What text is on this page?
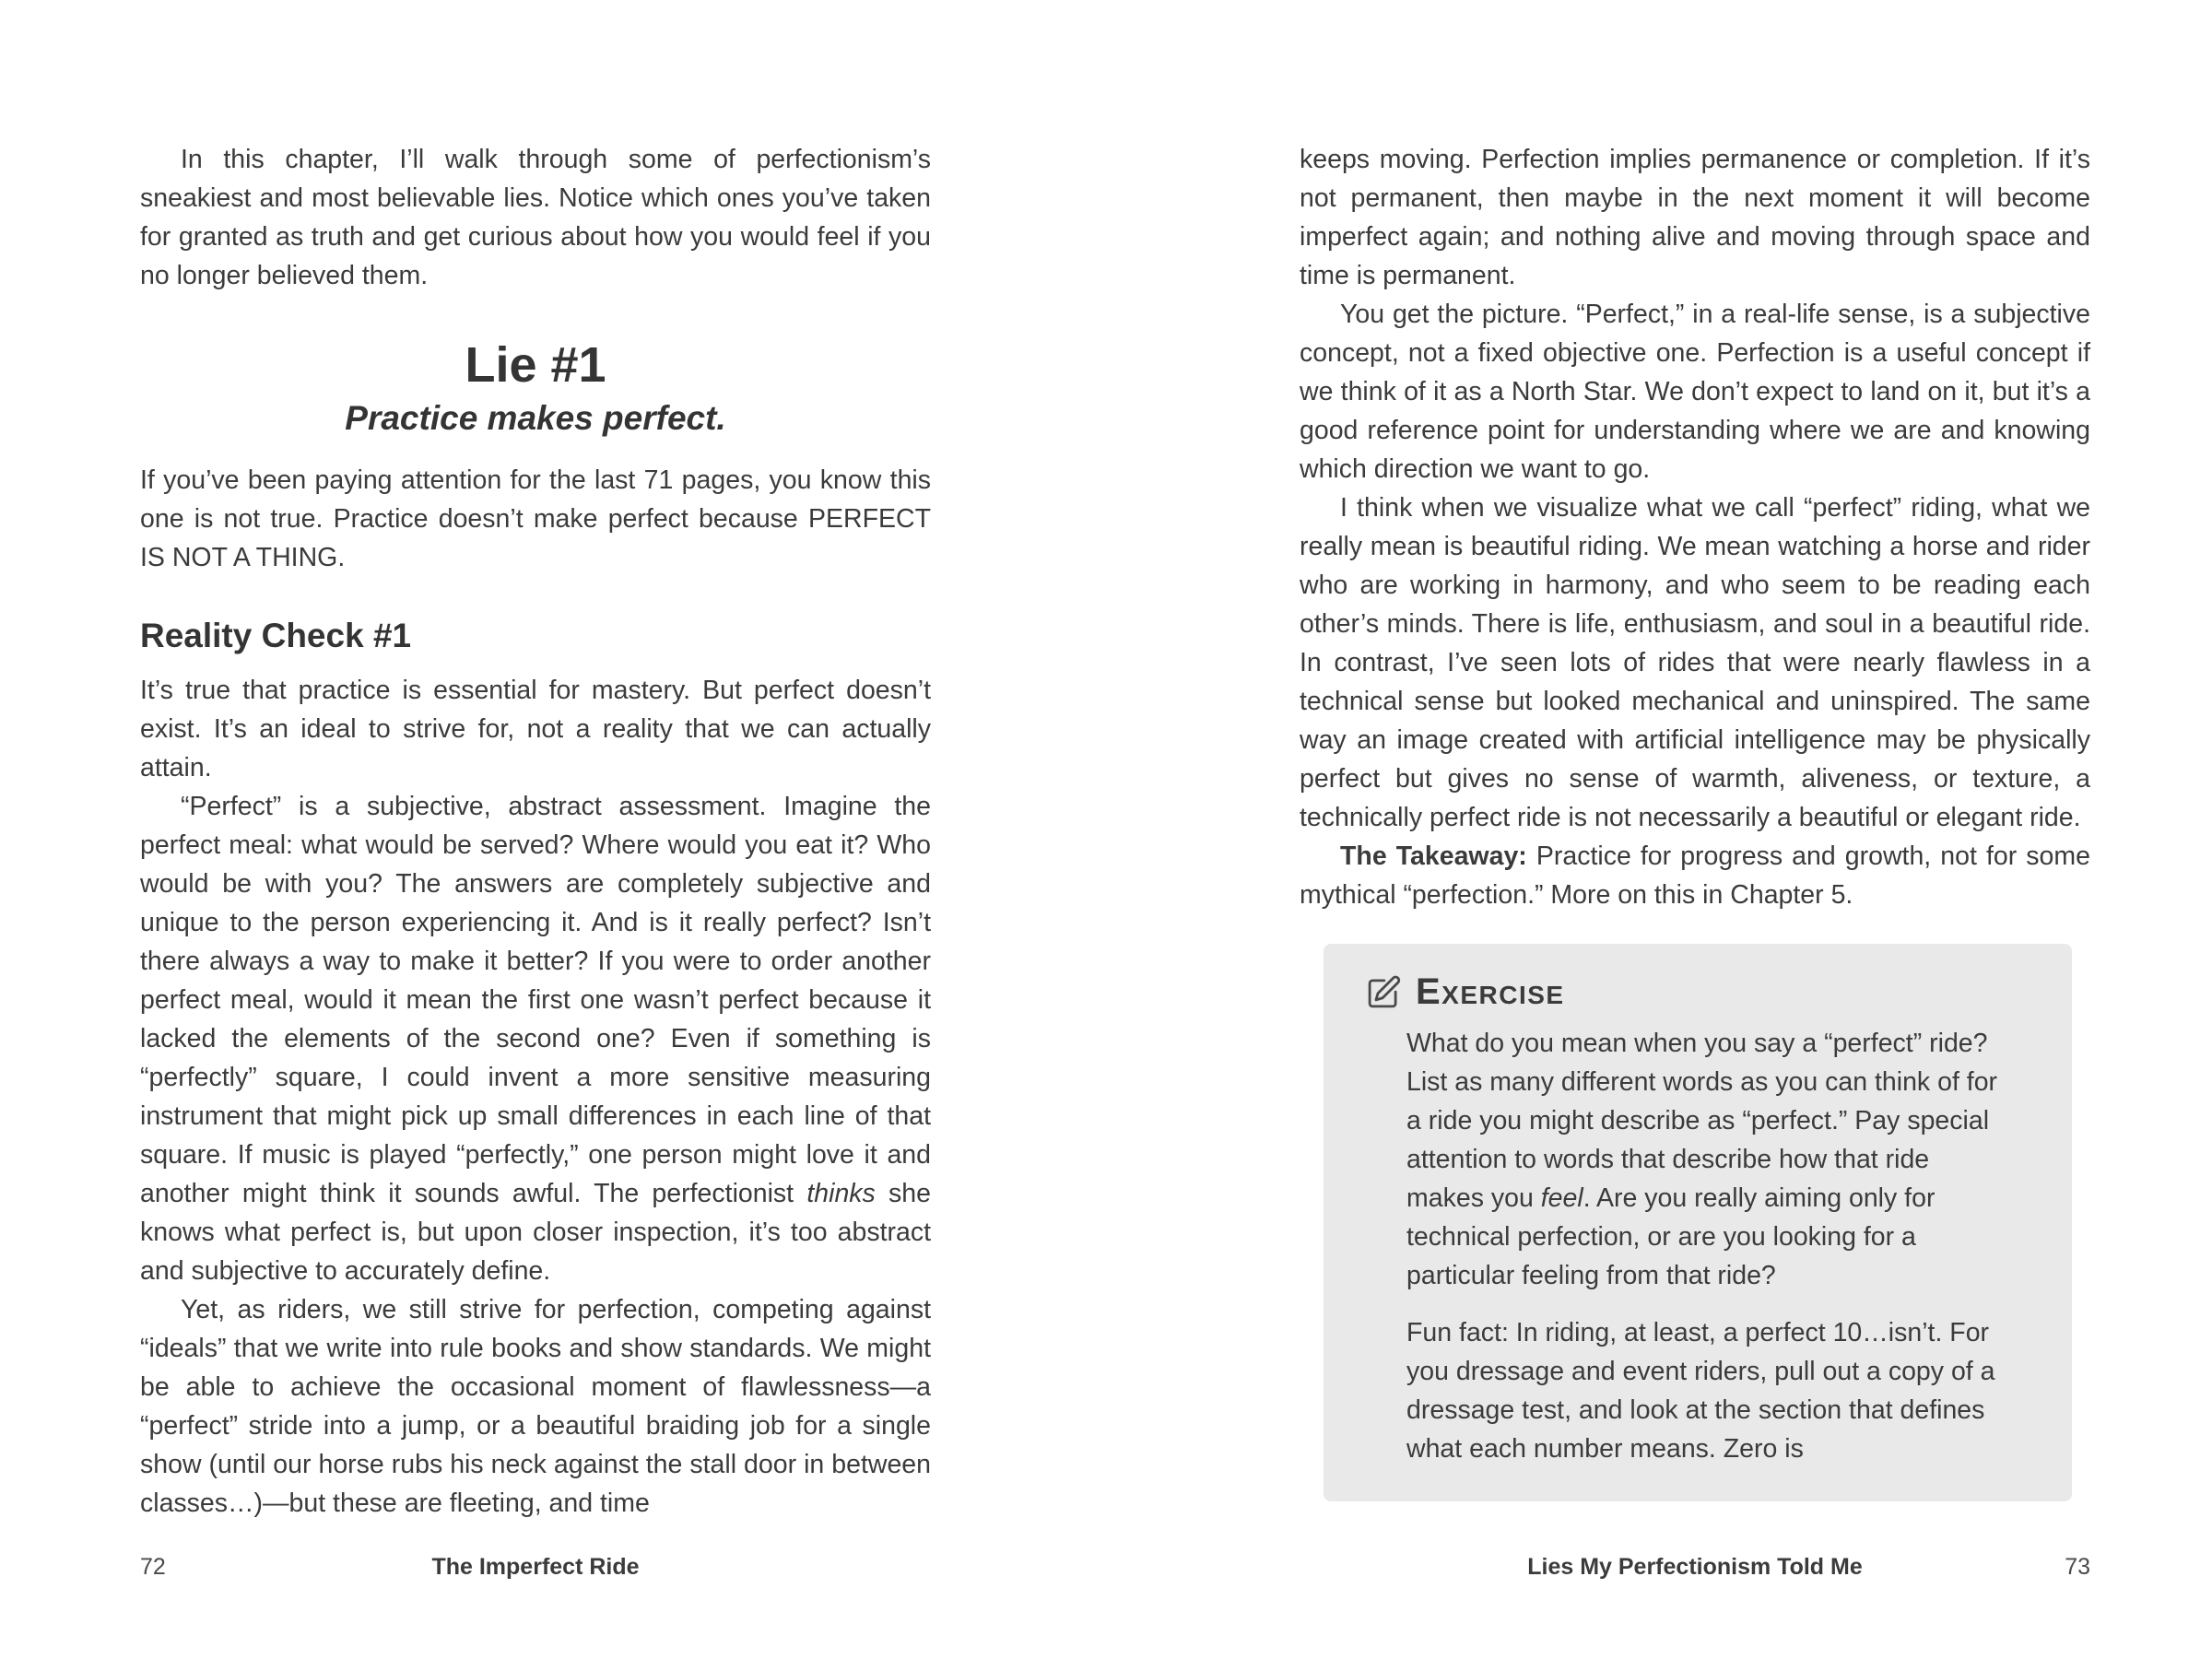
In this chapter, I’ll walk through some of perfectionism’s sneakiest and most believable lies. Notice which ones you’ve taken for granted as truth and get curious about how you would feel if you no longer believed them.

Lie #1
Practice makes perfect.

If you’ve been paying attention for the last 71 pages, you know this one is not true. Practice doesn’t make perfect because PERFECT IS NOT A THING.

Reality Check #1

It’s true that practice is essential for mastery. But perfect doesn’t exist. It’s an ideal to strive for, not a reality that we can actually attain.

“Perfect” is a subjective, abstract assessment. Imagine the perfect meal: what would be served? Where would you eat it? Who would be with you? The answers are completely subjective and unique to the person experiencing it. And is it really perfect? Isn’t there always a way to make it better? If you were to order another perfect meal, would it mean the first one wasn’t perfect because it lacked the elements of the second one? Even if something is “perfectly” square, I could invent a more sensitive measuring instrument that might pick up small differences in each line of that square. If music is played “perfectly,” one person might love it and another might think it sounds awful. The perfectionist thinks she knows what perfect is, but upon closer inspection, it’s too abstract and subjective to accurately define.

Yet, as riders, we still strive for perfection, competing against “ideals” that we write into rule books and show standards. We might be able to achieve the occasional moment of flawlessness—a “perfect” stride into a jump, or a beautiful braiding job for a single show (until our horse rubs his neck against the stall door in between classes…)—but these are fleeting, and time

keeps moving. Perfection implies permanence or completion. If it’s not permanent, then maybe in the next moment it will become imperfect again; and nothing alive and moving through space and time is permanent.

You get the picture. “Perfect,” in a real-life sense, is a subjective concept, not a fixed objective one. Perfection is a useful concept if we think of it as a North Star. We don’t expect to land on it, but it’s a good reference point for understanding where we are and knowing which direction we want to go.

I think when we visualize what we call “perfect” riding, what we really mean is beautiful riding. We mean watching a horse and rider who are working in harmony, and who seem to be reading each other’s minds. There is life, enthusiasm, and soul in a beautiful ride. In contrast, I’ve seen lots of rides that were nearly flawless in a technical sense but looked mechanical and uninspired. The same way an image created with artificial intelligence may be physically perfect but gives no sense of warmth, aliveness, or texture, a technically perfect ride is not necessarily a beautiful or elegant ride.

The Takeaway: Practice for progress and growth, not for some mythical “perfection.” More on this in Chapter 5.

Exercise

What do you mean when you say a “perfect” ride? List as many different words as you can think of for a ride you might describe as “perfect.” Pay special attention to words that describe how that ride makes you feel. Are you really aiming only for technical perfection, or are you looking for a particular feeling from that ride?

Fun fact: In riding, at least, a perfect 10…isn’t. For you dressage and event riders, pull out a copy of a dressage test, and look at the section that defines what each number means. Zero is

72	The Imperfect Ride	Lies My Perfectionism Told Me	73
